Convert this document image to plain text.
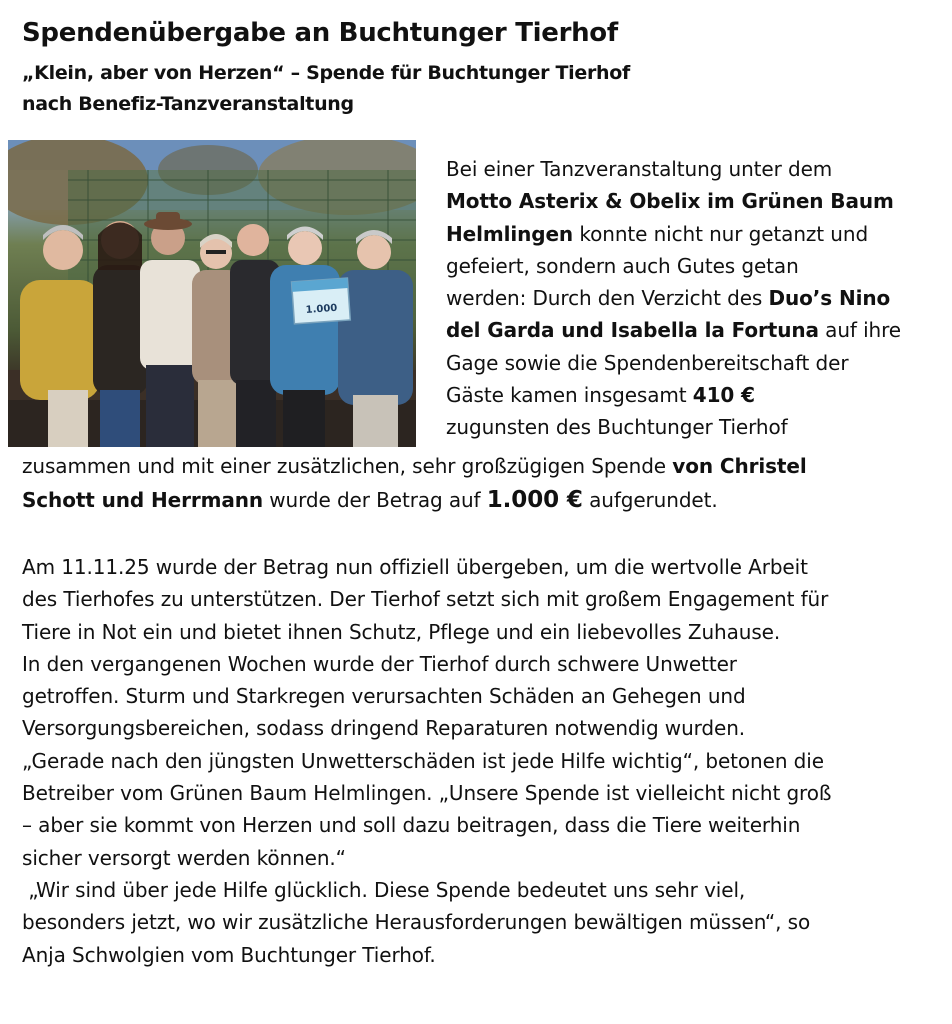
Spendenübergabe an Buchtunger Tierhof
„Klein, aber von Herzen“ – Spende für Buchtunger Tierhof
nach Benefiz-Tanzveranstaltung
1.000
Bei einer Tanzveranstaltung unter dem
Motto Asterix & Obelix im Grünen Baum
Helmlingen konnte nicht nur getanzt und
gefeiert, sondern auch Gutes getan
werden: Durch den Verzicht des Duo’s Nino
del Garda und Isabella la Fortuna auf ihre
Gage sowie die Spendenbereitschaft der
Gäste kamen insgesamt 410 €
zugunsten des Buchtunger Tierhof
zusammen und mit einer zusätzlichen, sehr großzügigen Spende von Christel
Schott und Herrmann wurde der Betrag auf 1.000 € aufgerundet.
Am 11.11.25 wurde der Betrag nun offiziell übergeben, um die wertvolle Arbeit
des Tierhofes zu unterstützen. Der Tierhof setzt sich mit großem Engagement für
Tiere in Not ein und bietet ihnen Schutz, Pflege und ein liebevolles Zuhause.
In den vergangenen Wochen wurde der Tierhof durch schwere Unwetter
getroffen. Sturm und Starkregen verursachten Schäden an Gehegen und
Versorgungsbereichen, sodass dringend Reparaturen notwendig wurden.
„Gerade nach den jüngsten Unwetterschäden ist jede Hilfe wichtig“, betonen die
Betreiber vom Grünen Baum Helmlingen. „Unsere Spende ist vielleicht nicht groß
– aber sie kommt von Herzen und soll dazu beitragen, dass die Tiere weiterhin
sicher versorgt werden können.“
„Wir sind über jede Hilfe glücklich. Diese Spende bedeutet uns sehr viel,
besonders jetzt, wo wir zusätzliche Herausforderungen bewältigen müssen“, so
Anja Schwolgien vom Buchtunger Tierhof.
